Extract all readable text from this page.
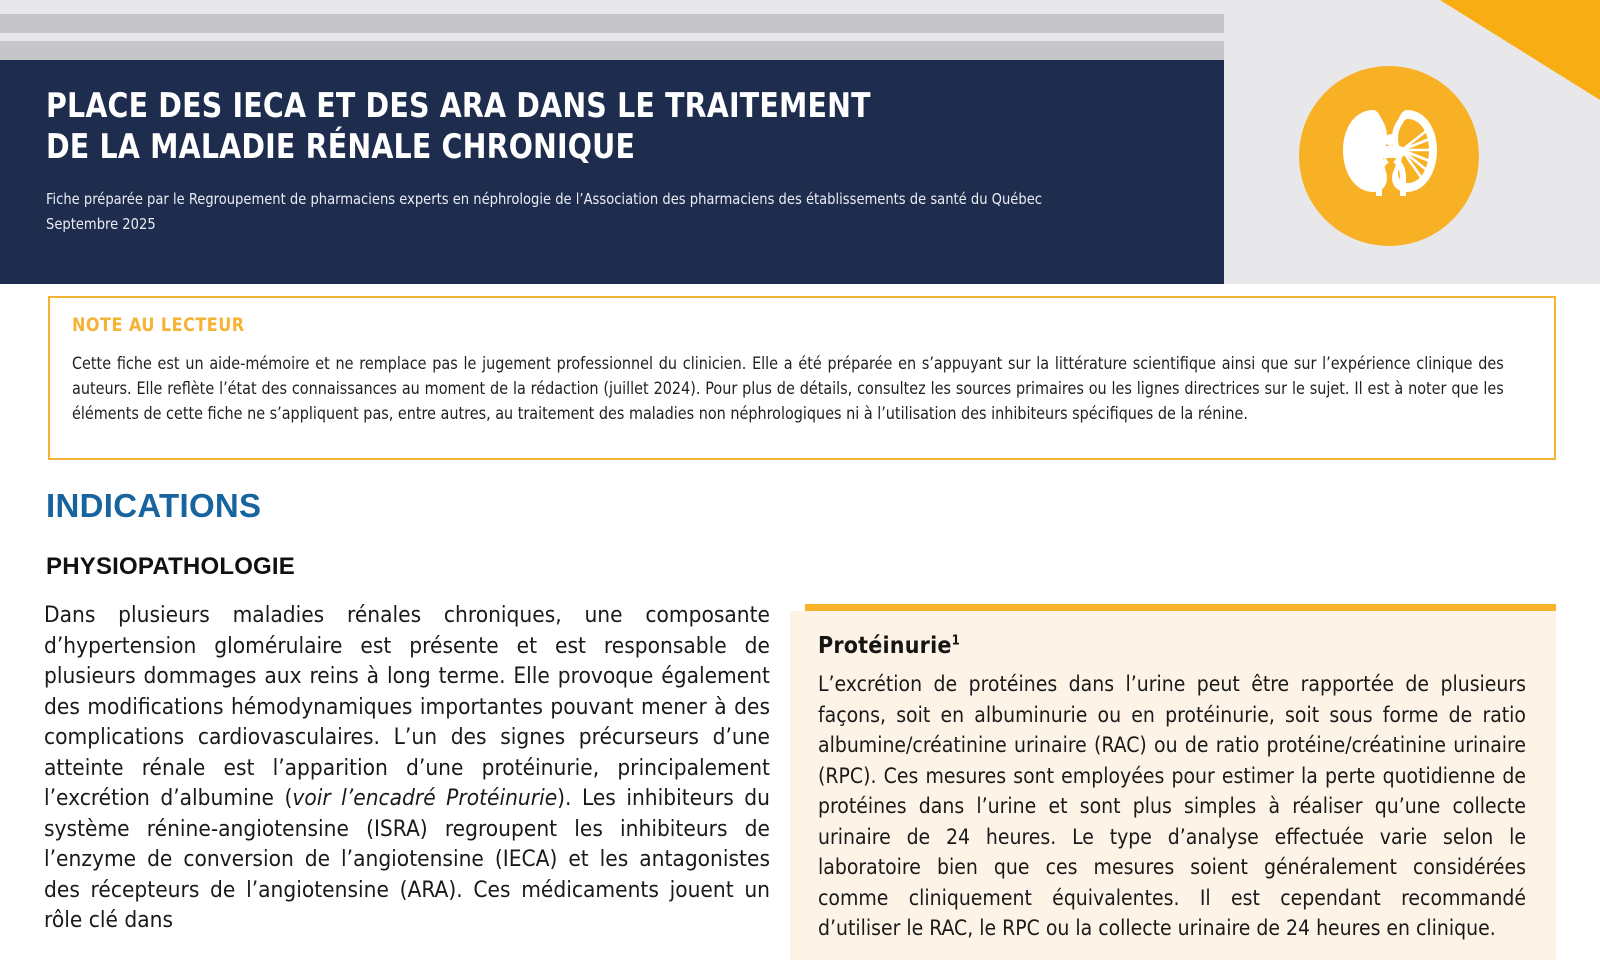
PLACE DES IECA ET DES ARA DANS LE TRAITEMENT
DE LA MALADIE RÉNALE CHRONIQUE
Fiche préparée par le Regroupement de pharmaciens experts en néphrologie de l’Association des pharmaciens des établissements de santé du Québec
Septembre 2025
NOTE AU LECTEUR
Cette fiche est un aide-mémoire et ne remplace pas le jugement professionnel du clinicien. Elle a été préparée en s’appuyant sur la littérature scientifique ainsi que sur l’expérience clinique des auteurs. Elle reflète l’état des connaissances au moment de la rédaction (juillet 2024). Pour plus de détails, consultez les sources primaires ou les lignes directrices sur le sujet. Il est à noter que les éléments de cette fiche ne s’appliquent pas, entre autres, au traitement des maladies non néphrologiques ni à l’utilisation des inhibiteurs spécifiques de la rénine.
INDICATIONS
PHYSIOPATHOLOGIE
Dans plusieurs maladies rénales chroniques, une composante d’hypertension glomérulaire est présente et est responsable de plusieurs dommages aux reins à long terme. Elle provoque également des modifications hémodynamiques importantes pouvant mener à des complications cardiovasculaires. L’un des signes précurseurs d’une atteinte rénale est l’apparition d’une protéinurie, principalement l’excrétion d’albumine (voir l’encadré Protéinurie). Les inhibiteurs du système rénine-angiotensine (ISRA) regroupent les inhibiteurs de l’enzyme de conversion de l’angiotensine (IECA) et les antagonistes des récepteurs de l’angiotensine (ARA). Ces médicaments jouent un rôle clé dans
Protéinurie$^1$
L’excrétion de protéines dans l’urine peut être rapportée de plusieurs façons, soit en albuminurie ou en protéinurie, soit sous forme de ratio albumine/créatinine urinaire (RAC) ou de ratio protéine/créatinine urinaire (RPC). Ces mesures sont employées pour estimer la perte quotidienne de protéines dans l’urine et sont plus simples à réaliser qu’une collecte urinaire de 24 heures. Le type d’analyse effectuée varie selon le laboratoire bien que ces mesures soient généralement considérées comme cliniquement équivalentes. Il est cependant recommandé d’utiliser le RAC, le RPC ou la collecte urinaire de 24 heures en clinique.
